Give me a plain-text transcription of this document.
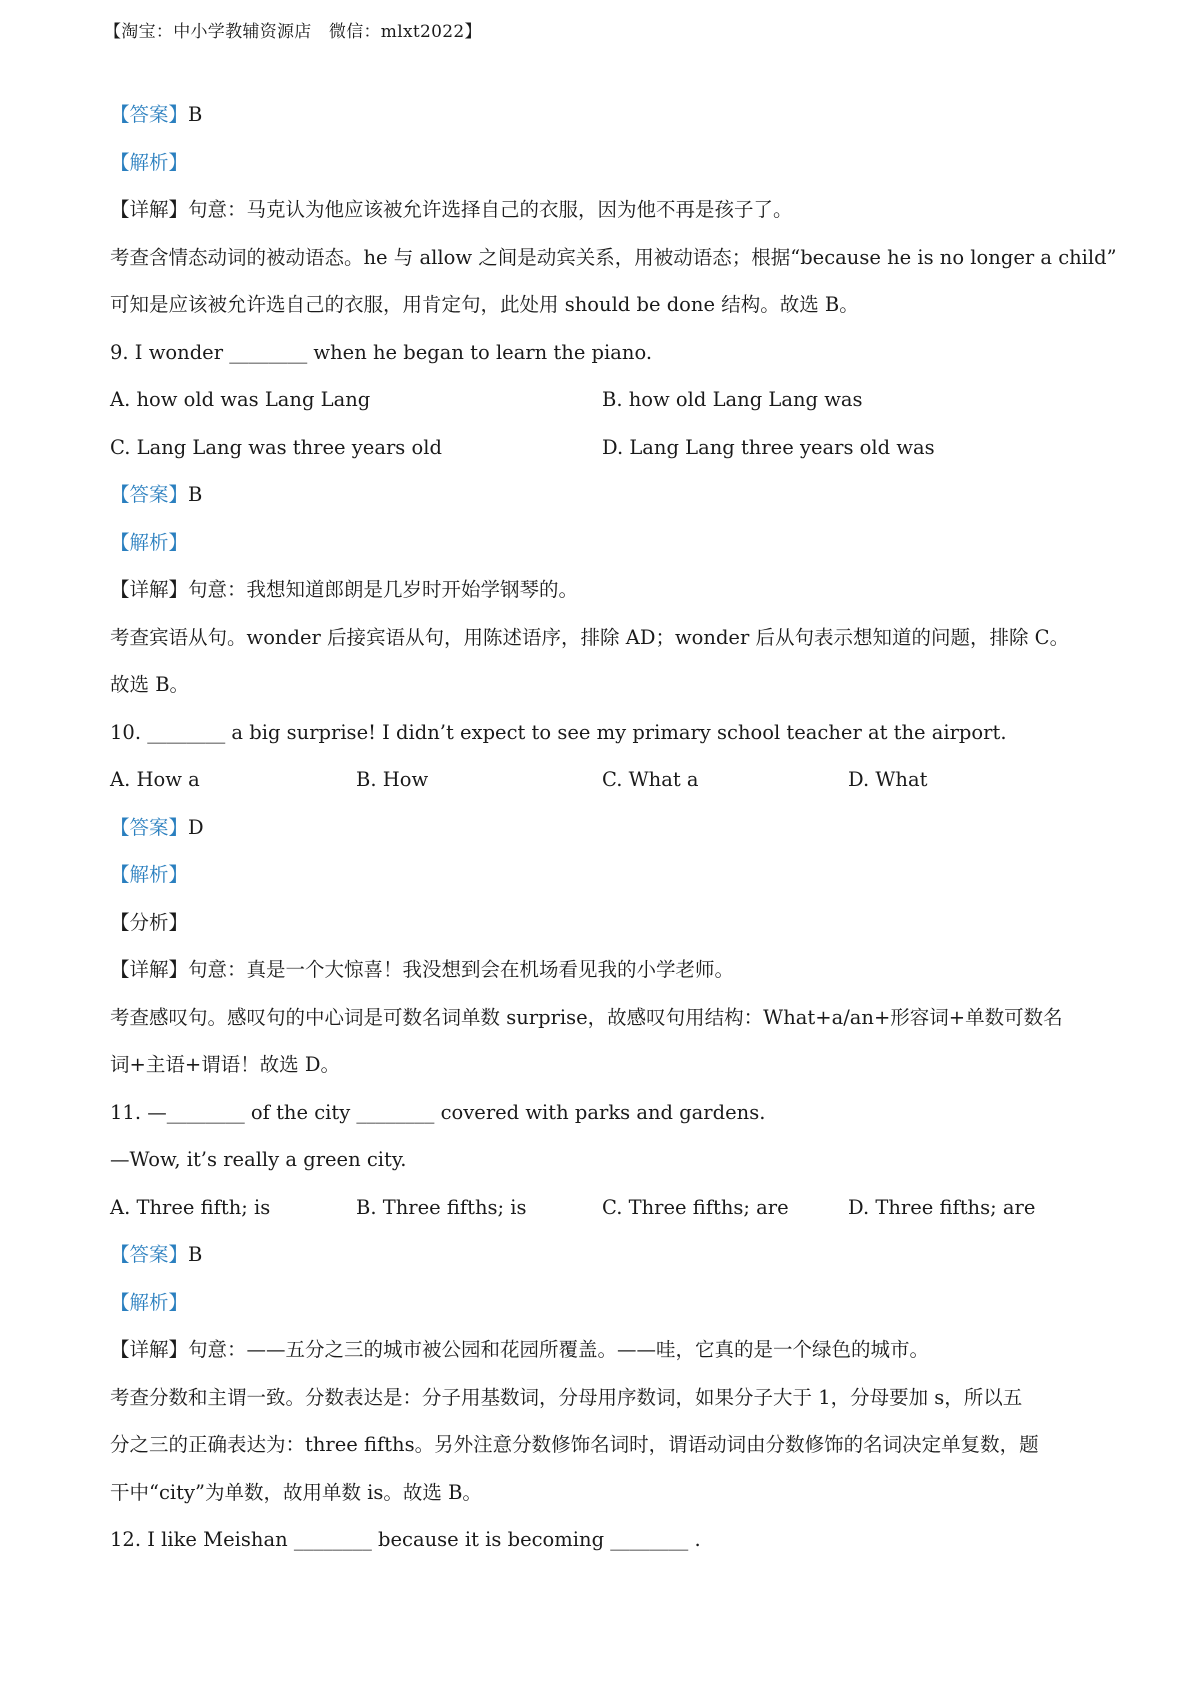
【淘宝：中小学教辅资源店　微信：mlxt2022】
【答案】B
【解析】
【详解】句意：马克认为他应该被允许选择自己的衣服，因为他不再是孩子了。
考查含情态动词的被动语态。he 与 allow 之间是动宾关系，用被动语态；根据“because he is no longer a child”
可知是应该被允许选自己的衣服，用肯定句，此处用 should be done 结构。故选 B。
9. I wonder ________ when he began to learn the piano.
A. how old was Lang Lang	B. how old Lang Lang was
C. Lang Lang was three years old	D. Lang Lang three years old was
【答案】B
【解析】
【详解】句意：我想知道郎朗是几岁时开始学钢琴的。
考查宾语从句。wonder 后接宾语从句，用陈述语序，排除 AD；wonder 后从句表示想知道的问题，排除 C。
故选 B。
10. ________ a big surprise! I didn’t expect to see my primary school teacher at the airport.
A. How a	B. How	C. What a	D. What
【答案】D
【解析】
【分析】
【详解】句意：真是一个大惊喜！我没想到会在机场看见我的小学老师。
考查感叹句。感叹句的中心词是可数名词单数 surprise，故感叹句用结构：What+a/an+形容词+单数可数名
词+主语+谓语！故选 D。
11. —________ of the city ________ covered with parks and gardens.
—Wow, it’s really a green city.
A. Three fifth; is	B. Three fifths; is	C. Three fifths; are	D. Three fifths; are
【答案】B
【解析】
【详解】句意：——五分之三的城市被公园和花园所覆盖。——哇，它真的是一个绿色的城市。
考查分数和主谓一致。分数表达是：分子用基数词，分母用序数词，如果分子大于 1，分母要加 s，所以五
分之三的正确表达为：three fifths。另外注意分数修饰名词时，谓语动词由分数修饰的名词决定单复数，题
干中“city”为单数，故用单数 is。故选 B。
12. I like Meishan ________ because it is becoming ________ .
